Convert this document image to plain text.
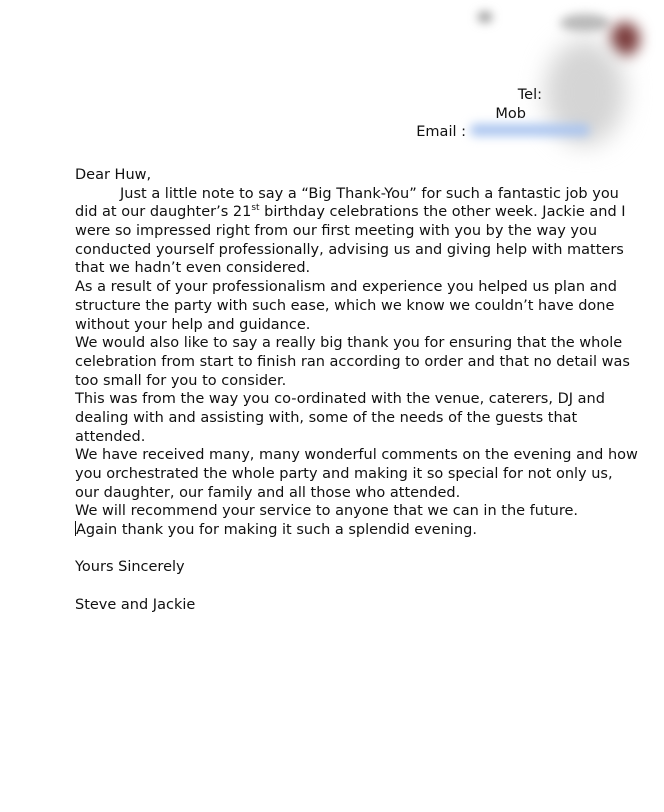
Tel:
Mob
Email :
Dear Huw,
Just a little note to say a “Big Thank-You” for such a fantastic job you
did at our daughter’s 21st birthday celebrations the other week. Jackie and I
were so impressed right from our first meeting with you by the way you
conducted yourself professionally, advising us and giving help with matters
that we hadn’t even considered.
As a result of your professionalism and experience you helped us plan and
structure the party with such ease, which we know we couldn’t have done
without your help and guidance.
We would also like to say a really big thank you for ensuring that the whole
celebration from start to finish ran according to order and that no detail was
too small for you to consider.
This was from the way you co-ordinated with the venue, caterers, DJ and
dealing with and assisting with, some of the needs of the guests that
attended.
We have received many, many wonderful comments on the evening and how
you orchestrated the whole party and making it so special for not only us,
our daughter, our family and all those who attended.
We will recommend your service to anyone that we can in the future.
Again thank you for making it such a splendid evening.
Yours Sincerely
Steve and Jackie
